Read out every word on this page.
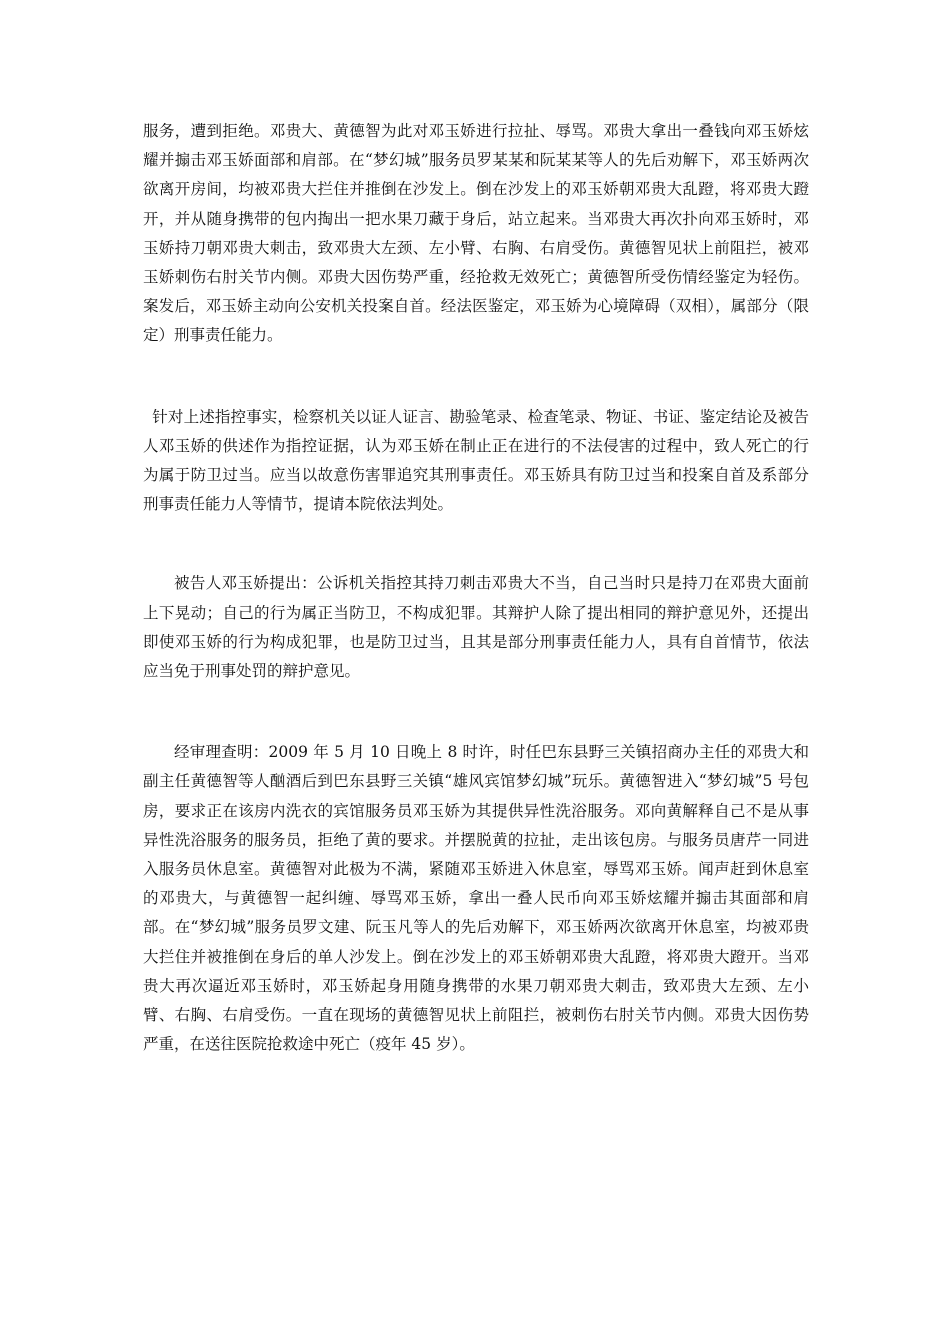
服务，遭到拒绝。邓贵大、黄德智为此对邓玉娇进行拉扯、辱骂。邓贵大拿出一叠钱向邓玉娇炫耀并搧击邓玉娇面部和肩部。在“梦幻城”服务员罗某某和阮某某等人的先后劝解下，邓玉娇两次欲离开房间，均被邓贵大拦住并推倒在沙发上。倒在沙发上的邓玉娇朝邓贵大乱蹬，将邓贵大蹬开，并从随身携带的包内掏出一把水果刀藏于身后，站立起来。当邓贵大再次扑向邓玉娇时，邓玉娇持刀朝邓贵大刺击，致邓贵大左颈、左小臂、右胸、右肩受伤。黄德智见状上前阻拦，被邓玉娇刺伤右肘关节内侧。邓贵大因伤势严重，经抢救无效死亡；黄德智所受伤情经鉴定为轻伤。案发后，邓玉娇主动向公安机关投案自首。经法医鉴定，邓玉娇为心境障碍（双相），属部分（限定）刑事责任能力。

针对上述指控事实，检察机关以证人证言、勘验笔录、检查笔录、物证、书证、鉴定结论及被告人邓玉娇的供述作为指控证据，认为邓玉娇在制止正在进行的不法侵害的过程中，致人死亡的行为属于防卫过当。应当以故意伤害罪追究其刑事责任。邓玉娇具有防卫过当和投案自首及系部分刑事责任能力人等情节，提请本院依法判处。

被告人邓玉娇提出：公诉机关指控其持刀刺击邓贵大不当，自己当时只是持刀在邓贵大面前上下晃动；自己的行为属正当防卫，不构成犯罪。其辩护人除了提出相同的辩护意见外，还提出即使邓玉娇的行为构成犯罪，也是防卫过当，且其是部分刑事责任能力人，具有自首情节，依法应当免于刑事处罚的辩护意见。

经审理查明：2009 年 5 月 10 日晚上 8 时许，时任巴东县野三关镇招商办主任的邓贵大和副主任黄德智等人酗酒后到巴东县野三关镇“雄风宾馆梦幻城”玩乐。黄德智进入“梦幻城”5 号包房，要求正在该房内洗衣的宾馆服务员邓玉娇为其提供异性洗浴服务。邓向黄解释自己不是从事异性洗浴服务的服务员，拒绝了黄的要求。并摆脱黄的拉扯，走出该包房。与服务员唐芹一同进入服务员休息室。黄德智对此极为不满，紧随邓玉娇进入休息室，辱骂邓玉娇。闻声赶到休息室的邓贵大，与黄德智一起纠缠、辱骂邓玉娇，拿出一叠人民币向邓玉娇炫耀并搧击其面部和肩部。在“梦幻城”服务员罗文建、阮玉凡等人的先后劝解下，邓玉娇两次欲离开休息室，均被邓贵大拦住并被推倒在身后的单人沙发上。倒在沙发上的邓玉娇朝邓贵大乱蹬，将邓贵大蹬开。当邓贵大再次逼近邓玉娇时，邓玉娇起身用随身携带的水果刀朝邓贵大刺击，致邓贵大左颈、左小臂、右胸、右肩受伤。一直在现场的黄德智见状上前阻拦，被刺伤右肘关节内侧。邓贵大因伤势严重，在送往医院抢救途中死亡（疫年 45 岁）。
